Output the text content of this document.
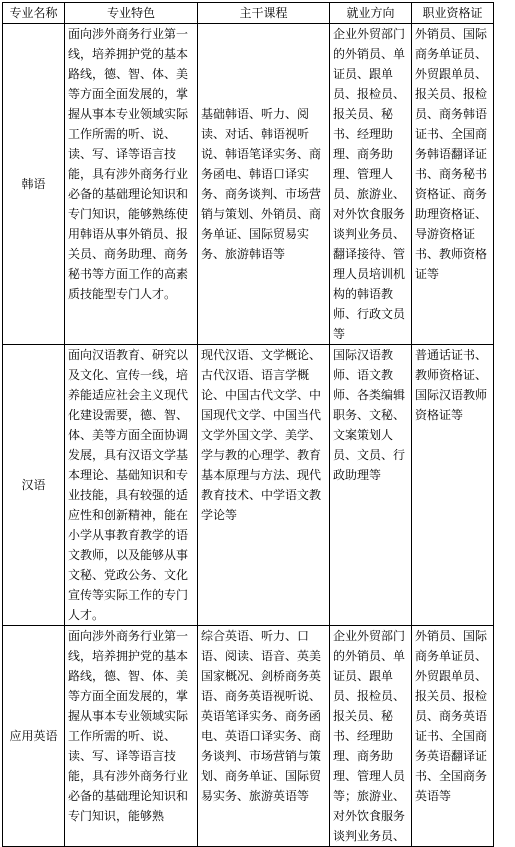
专业名称	专业特色	主干课程	就业方向	职业资格证
韩语	面向涉外商务行业第一线，培养拥护党的基本路线，德、智、体、美等方面全面发展的，掌握从事本专业领域实际工作所需的听、说、读、写、译等语言技能，具有涉外商务行业必备的基础理论知识和专门知识，能够熟练使用韩语从事外销员、报关员、商务助理、商务秘书等方面工作的高素质技能型专门人才。	基础韩语、听力、阅读、对话、韩语视听说、韩语笔译实务、商务函电、韩语口译实务、商务谈判、市场营销与策划、外销员、商务单证、国际贸易实务、旅游韩语等	企业外贸部门的外销员、单证员、跟单员、报检员、报关员、秘书、经理助理、商务助理、管理人员、旅游业、对外饮食服务谈判业务员、翻译接待、管理人员培训机构的韩语教师、行政文员等	外销员、国际商务单证员、外贸跟单员、报关员、报检员、商务韩语证书、全国商务韩语翻译证书、商务秘书资格证、商务助理资格证、导游资格证书、教师资格证等
汉语	面向汉语教育、研究以及文化、宣传一线，培养能适应社会主义现代化建设需要，德、智、体、美等方面全面协调发展，具有汉语文学基本理论、基础知识和专业技能，具有较强的适应性和创新精神，能在小学从事教育教学的语文教师，以及能够从事文秘、党政公务、文化宣传等实际工作的专门人才。	现代汉语、文学概论、古代汉语、语言学概论、中国古代文学、中国现代文学、中国当代文学外国文学、美学、学与教的心理学、教育基本原理与方法、现代教育技术、中学语文教学论等	国际汉语教师、语文教师、各类编辑职务、文秘、文案策划人员、文员、行政助理等	普通话证书、教师资格证、国际汉语教师资格证等
应用英语	面向涉外商务行业第一线，培养拥护党的基本路线，德、智、体、美等方面全面发展的，掌握从事本专业领域实际工作所需的听、说、读、写、译等语言技能，具有涉外商务行业必备的基础理论知识和专门知识，能够熟	综合英语、听力、口语、阅读、语音、英美国家概况、剑桥商务英语、商务英语视听说、英语笔译实务、商务函电、英语口译实务、商务谈判、市场营销与策划、商务单证、国际贸易实务、旅游英语等	企业外贸部门的外销员、单证员、跟单员、报检员、报关员、秘书、经理助理、商务助理、管理人员等；旅游业、对外饮食服务谈判业务员、	外销员、国际商务单证员、外贸跟单员、报关员、报检员、商务英语证书、全国商务英语翻译证书、全国商务英语等
